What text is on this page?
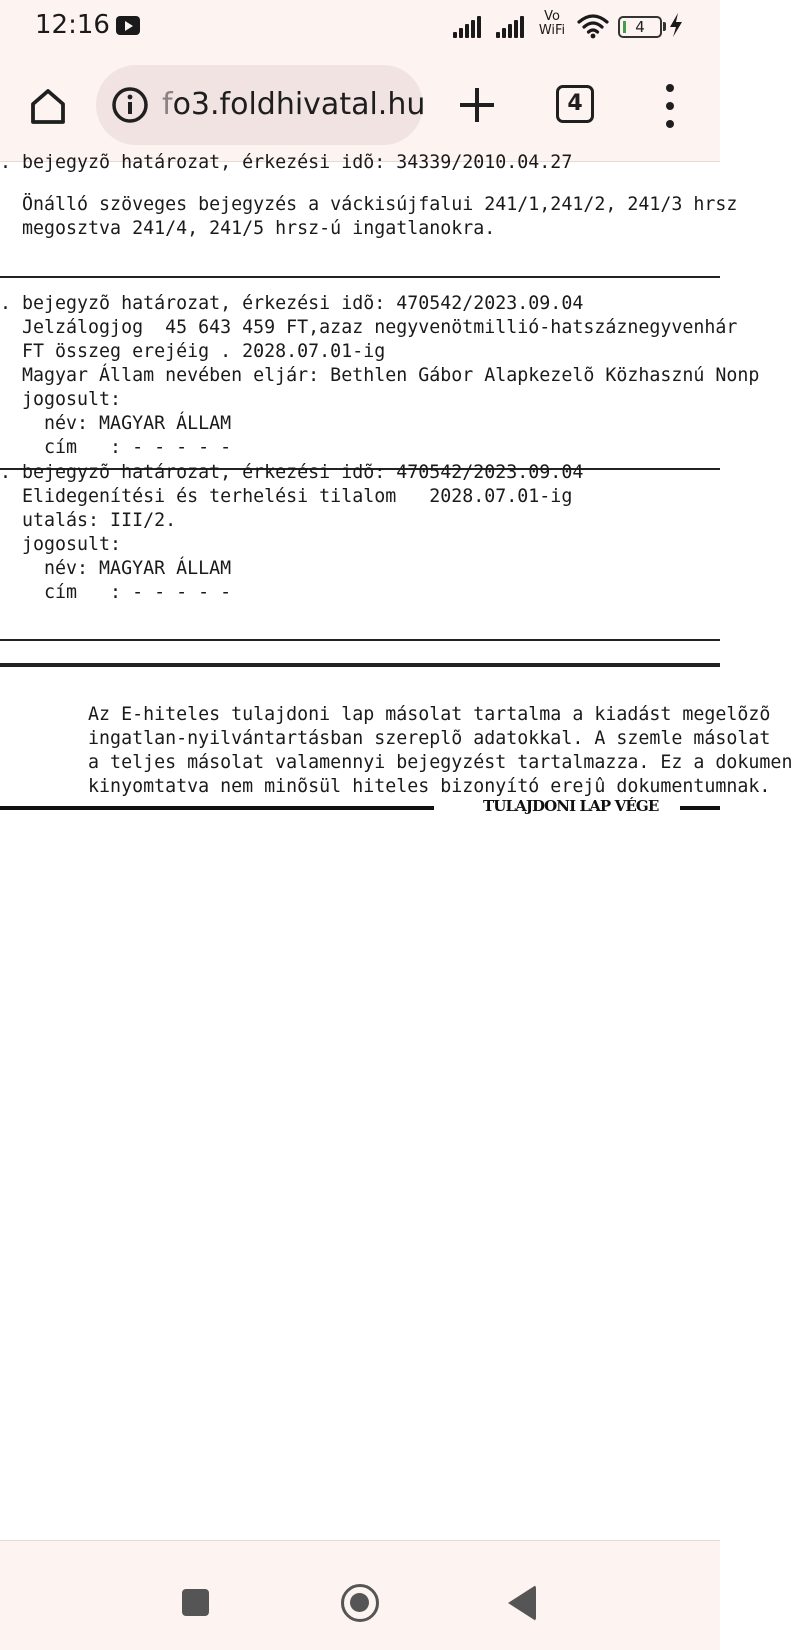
12:16	Vo
WiFi	4
fo3.foldhivatal.hu	4
. bejegyzõ határozat, érkezési idõ: 34339/2010.04.27
Önálló szöveges bejegyzés a váckisújfalui 241/1,241/2, 241/3 hrsz
megosztva 241/4, 241/5 hrsz-ú ingatlanokra.
. bejegyzõ határozat, érkezési idõ: 470542/2023.09.04
Jelzálogjog  45 643 459 FT,azaz negyvenötmillió-hatszáznegyvenhár
FT összeg erejéig . 2028.07.01-ig
Magyar Állam nevében eljár: Bethlen Gábor Alapkezelõ Közhasznú Nonp
jogosult:
név: MAGYAR ÁLLAM
cím   : - - - - -
. bejegyzõ határozat, érkezési idõ: 470542/2023.09.04
Elidegenítési és terhelési tilalom   2028.07.01-ig
utalás: III/2.
jogosult:
név: MAGYAR ÁLLAM
cím   : - - - - -
Az E-hiteles tulajdoni lap másolat tartalma a kiadást megelõzõ
ingatlan-nyilvántartásban szereplõ adatokkal. A szemle másolat
a teljes másolat valamennyi bejegyzést tartalmazza. Ez a dokumen
kinyomtatva nem minõsül hiteles bizonyító erejû dokumentumnak.
TULAJDONI LAP VÉGE
